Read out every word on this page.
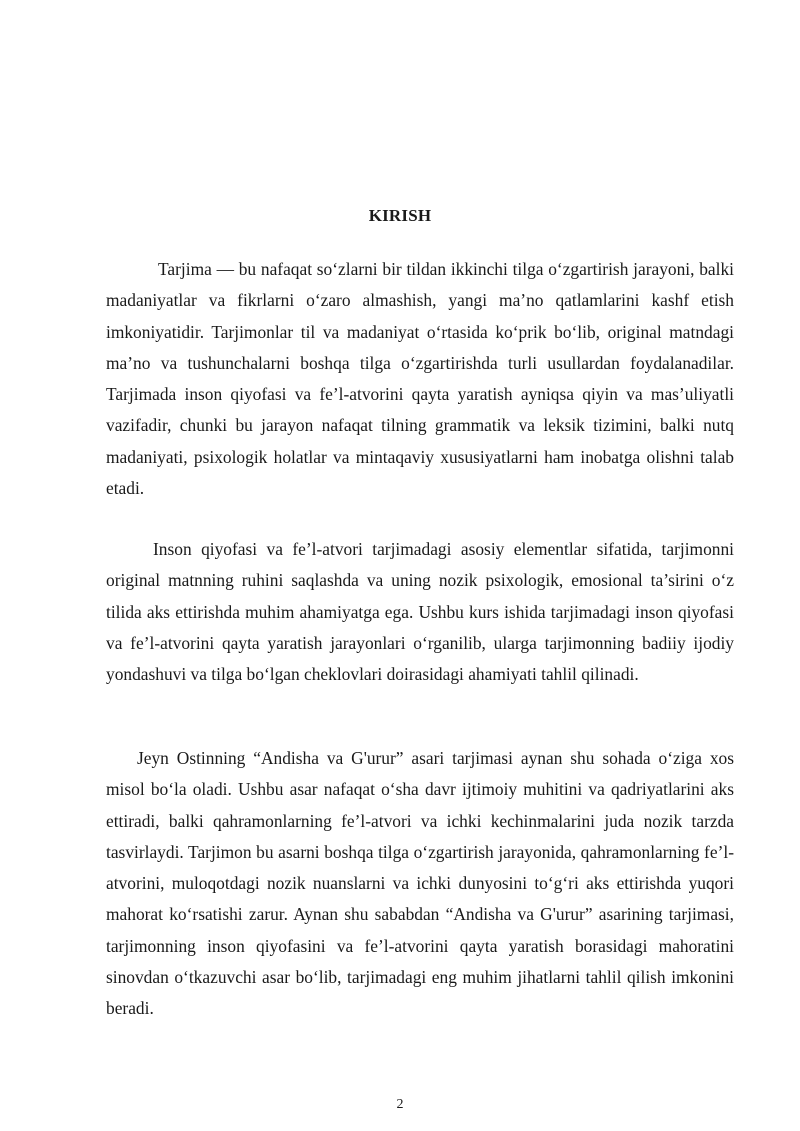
KIRISH

Tarjima — bu nafaqat so‘zlarni bir tildan ikkinchi tilga o‘zgartirish jarayoni, balki madaniyatlar va fikrlarni o‘zaro almashish, yangi ma’no qatlamlarini kashf etish imkoniyatidir. Tarjimonlar til va madaniyat o‘rtasida ko‘prik bo‘lib, original matndagi ma’no va tushunchalarni boshqa tilga o‘zgartirishda turli usullardan foydalanadilar. Tarjimada inson qiyofasi va fe’l-atvorini qayta yaratish ayniqsa qiyin va mas’uliyatli vazifadir, chunki bu jarayon nafaqat tilning grammatik va leksik tizimini, balki nutq madaniyati, psixologik holatlar va mintaqaviy xususiyatlarni ham inobatga olishni talab etadi.

Inson qiyofasi va fe’l-atvori tarjimadagi asosiy elementlar sifatida, tarjimonni original matnning ruhini saqlashda va uning nozik psixologik, emosional ta’sirini o‘z tilida aks ettirishda muhim ahamiyatga ega. Ushbu kurs ishida tarjimadagi inson qiyofasi va fe’l-atvorini qayta yaratish jarayonlari o‘rganilib, ularga tarjimonning badiiy ijodiy yondashuvi va tilga bo‘lgan cheklovlari doirasidagi ahamiyati tahlil qilinadi.

Jeyn Ostinning “Andisha va G'urur” asari tarjimasi aynan shu sohada o‘ziga xos misol bo‘la oladi. Ushbu asar nafaqat o‘sha davr ijtimoiy muhitini va qadriyatlarini aks ettiradi, balki qahramonlarning fe’l-atvori va ichki kechinmalarini juda nozik tarzda tasvirlaydi. Tarjimon bu asarni boshqa tilga o‘zgartirish jarayonida, qahramonlarning fe’l-atvorini, muloqotdagi nozik nuanslarni va ichki dunyosini to‘g‘ri aks ettirishda yuqori mahorat ko‘rsatishi zarur. Aynan shu sababdan “Andisha va G'urur” asarining tarjimasi, tarjimonning inson qiyofasini va fe’l-atvorini qayta yaratish borasidagi mahoratini sinovdan o‘tkazuvchi asar bo‘lib, tarjimadagi eng muhim jihatlarni tahlil qilish imkonini beradi.

2
